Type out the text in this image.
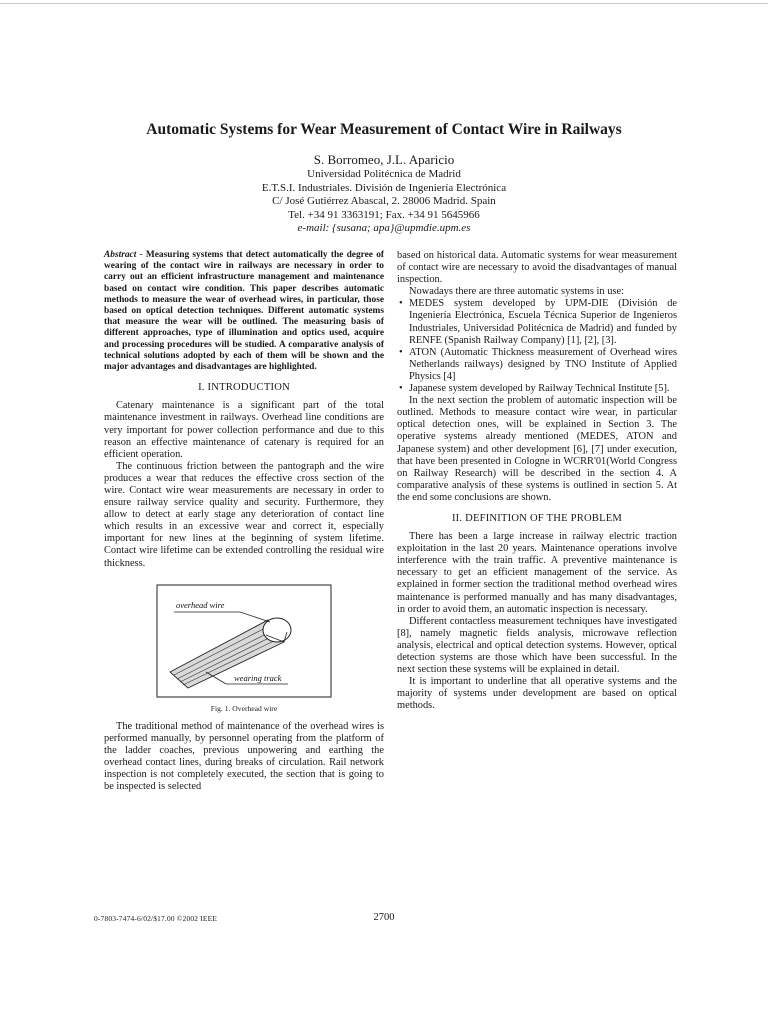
Automatic Systems for Wear Measurement of Contact Wire in Railways
S. Borromeo, J.L. Aparicio
Universidad Politécnica de Madrid
E.T.S.I. Industriales. División de Ingeniería Electrónica
C/ José Gutiérrez Abascal, 2. 28006 Madrid. Spain
Tel. +34 91 3363191; Fax. +34 91 5645966
e-mail: {susana; apa}@upmdie.upm.es

Abstract - Measuring systems that detect automatically the degree of wearing of the contact wire in railways are necessary in order to carry out an efficient infrastructure management and maintenance based on contact wire condition. This paper describes automatic methods to measure the wear of overhead wires, in particular, those based on optical detection techniques. Different automatic systems that measure the wear will be outlined. The measuring basis of different approaches, type of illumination and optics used, acquire and processing procedures will be studied. A comparative analysis of technical solutions adopted by each of them will be shown and the major advantages and disadvantages are highlighted.

I. INTRODUCTION

Catenary maintenance is a significant part of the total maintenance investment in railways. Overhead line conditions are very important for power collection performance and due to this reason an effective maintenance of catenary is required for an efficient operation.

The continuous friction between the pantograph and the wire produces a wear that reduces the effective cross section of the wire. Contact wire wear measurements are necessary in order to ensure railway service quality and security. Furthermore, they allow to detect at early stage any deterioration of contact line which results in an excessive wear and correct it, especially important for new lines at the beginning of system lifetime. Contact wire lifetime can be extended controlling the residual wire thickness.

overhead wire
wearing track
Fig. 1. Overhead wire

The traditional method of maintenance of the overhead wires is performed manually, by personnel operating from the platform of the ladder coaches, previous unpowering and earthing the overhead contact lines, during breaks of circulation. Rail network inspection is not completely executed, the section that is going to be inspected is selected

based on historical data. Automatic systems for wear measurement of contact wire are necessary to avoid the disadvantages of manual inspection.

Nowadays there are three automatic systems in use:

• MEDES system developed by UPM-DIE (División de Ingeniería Electrónica, Escuela Técnica Superior de Ingenieros Industriales, Universidad Politécnica de Madrid) and funded by RENFE (Spanish Railway Company) [1], [2], [3].
• ATON (Automatic Thickness measurement of Overhead wires Netherlands railways) designed by TNO Institute of Applied Physics [4]
• Japanese system developed by Railway Technical Institute [5].

In the next section the problem of automatic inspection will be outlined. Methods to measure contact wire wear, in particular optical detection ones, will be explained in Section 3. The operative systems already mentioned (MEDES, ATON and Japanese system) and other development [6], [7] under execution, that have been presented in Cologne in WCRR'01(World Congress on Railway Research) will be described in the section 4. A comparative analysis of these systems is outlined in section 5. At the end some conclusions are shown.

II. DEFINITION OF THE PROBLEM

There has been a large increase in railway electric traction exploitation in the last 20 years. Maintenance operations involve interference with the train traffic. A preventive maintenance is necessary to get an efficient management of the service. As explained in former section the traditional method overhead wires maintenance is performed manually and has many disadvantages, in order to avoid them, an automatic inspection is necessary.

Different contactless measurement techniques have investigated [8], namely magnetic fields analysis, microwave reflection analysis, electrical and optical detection systems. However, optical detection systems are those which have been successful. In the next section these systems will be explained in detail.

It is important to underline that all operative systems and the majority of systems under development are based on optical methods.

0-7803-7474-6/02/$17.00 ©2002 IEEE	2700
